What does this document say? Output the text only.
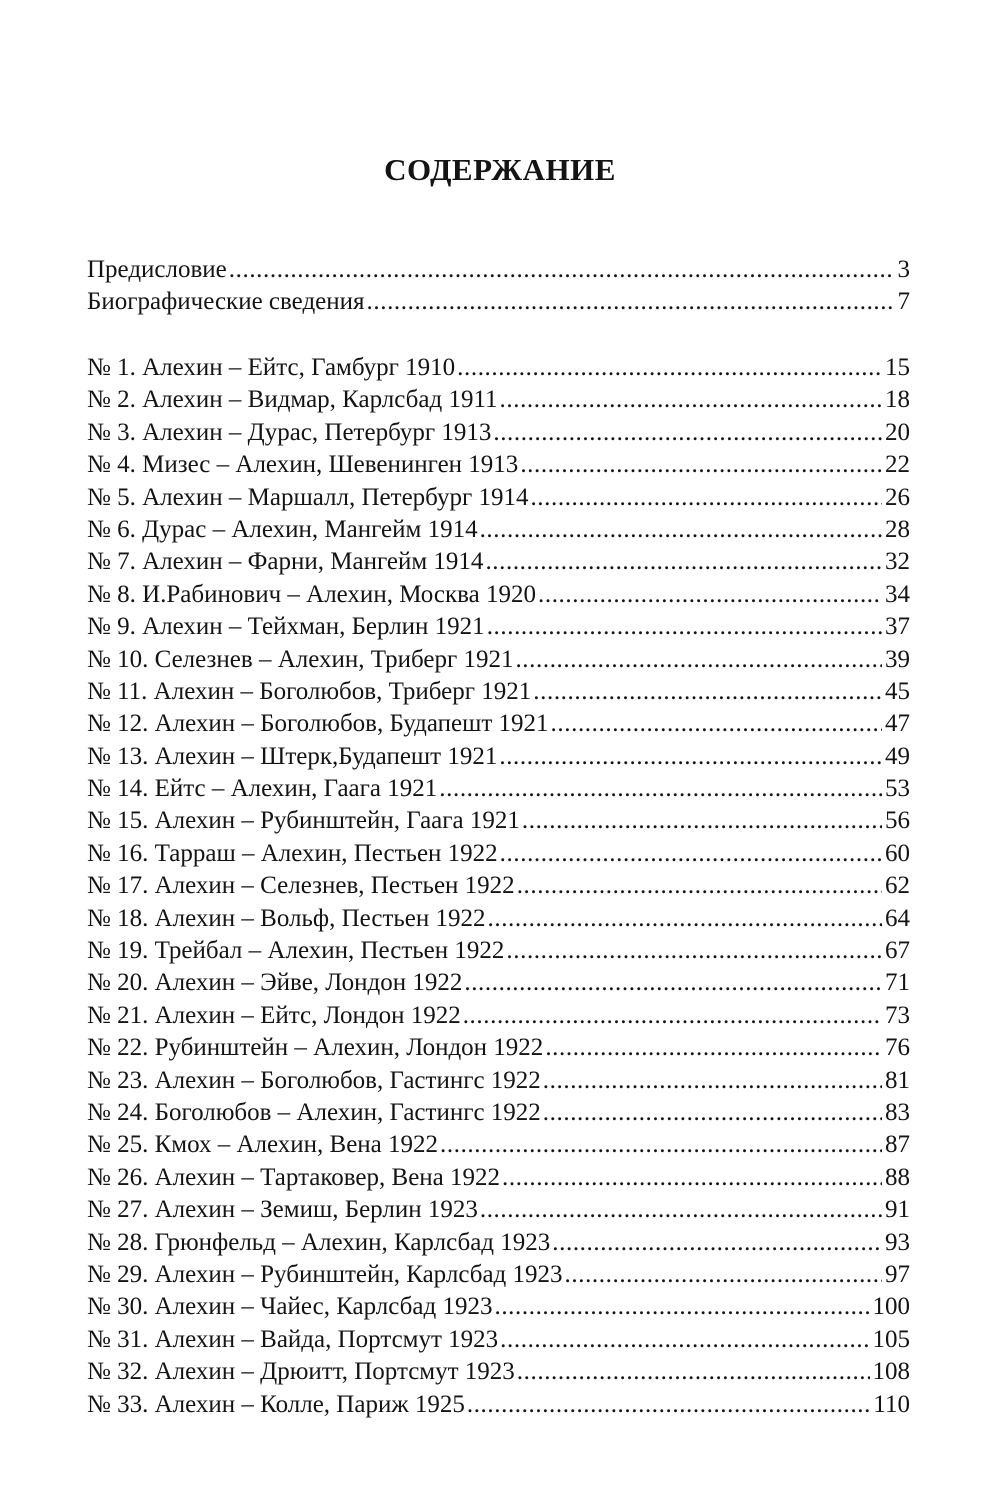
СОДЕРЖАНИЕ
Предисловие .....	3
Биографические сведения .....	7
№ 1. Алехин – Ейтс, Гамбург 1910 .....	15
№ 2. Алехин – Видмар, Карлсбад 1911 .....	18
№ 3. Алехин – Дурас, Петербург 1913 .....	20
№ 4. Мизес – Алехин, Шевенинген 1913 .....	22
№ 5. Алехин – Маршалл, Петербург 1914 .....	26
№ 6. Дурас – Алехин, Мангейм 1914 .....	28
№ 7. Алехин – Фарни, Мангейм 1914 .....	32
№ 8. И.Рабинович – Алехин, Москва 1920 .....	34
№ 9. Алехин – Тейхман, Берлин 1921 .....	37
№ 10. Селезнев – Алехин, Триберг 1921 .....	39
№ 11. Алехин – Боголюбов, Триберг 1921 .....	45
№ 12. Алехин – Боголюбов, Будапешт 1921 .....	47
№ 13. Алехин – Штерк,Будапешт 1921 .....	49
№ 14. Ейтс – Алехин, Гаага 1921 .....	53
№ 15. Алехин – Рубинштейн, Гаага 1921 .....	56
№ 16. Тарраш – Алехин, Пестьен 1922 .....	60
№ 17. Алехин – Селезнев, Пестьен 1922 .....	62
№ 18. Алехин – Вольф, Пестьен 1922 .....	64
№ 19. Трейбал – Алехин, Пестьен 1922 .....	67
№ 20. Алехин – Эйве, Лондон 1922 .....	71
№ 21. Алехин – Ейтс, Лондон 1922 .....	73
№ 22. Рубинштейн – Алехин, Лондон 1922 .....	76
№ 23. Алехин – Боголюбов, Гастингс 1922 .....	81
№ 24. Боголюбов – Алехин, Гастингс 1922 .....	83
№ 25. Кмох – Алехин, Вена 1922 .....	87
№ 26. Алехин – Тартаковер, Вена 1922 .....	88
№ 27. Алехин – Земиш, Берлин 1923 .....	91
№ 28. Грюнфельд – Алехин, Карлсбад 1923 .....	93
№ 29. Алехин – Рубинштейн, Карлсбад 1923 .....	97
№ 30. Алехин – Чайес, Карлсбад 1923 .....	100
№ 31. Алехин – Вайда, Портсмут 1923 .....	105
№ 32. Алехин – Дрюитт, Портсмут 1923 .....	108
№ 33. Алехин – Колле, Париж 1925 .....	110
